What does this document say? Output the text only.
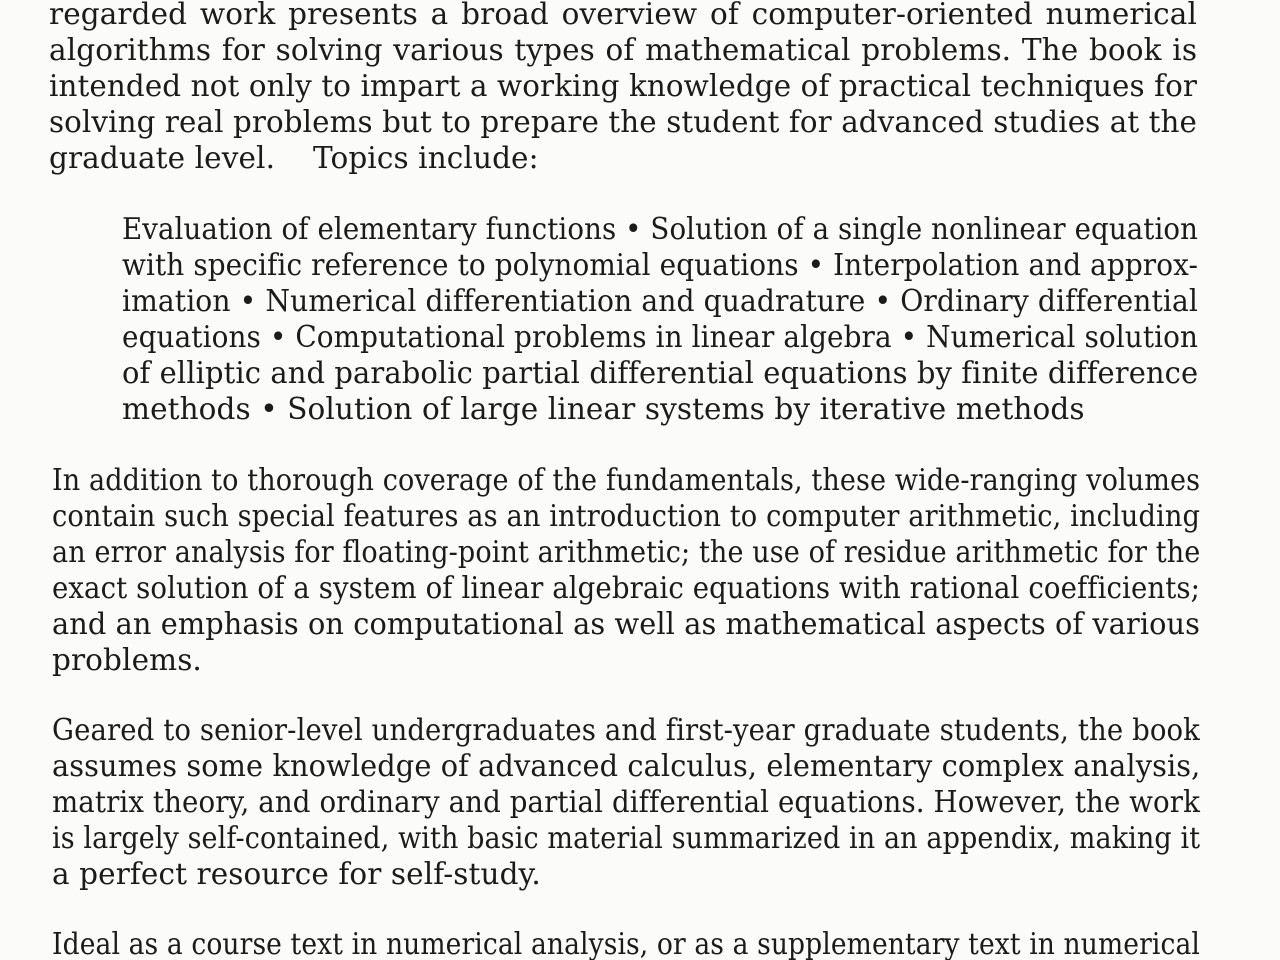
regarded work presents a broad overview of computer-oriented numerical
algorithms for solving various types of mathematical problems. The book is
intended not only to impart a working knowledge of practical techniques for
solving real problems but to prepare the student for advanced studies at the
graduate level.    Topics include:
Evaluation of elementary functions • Solution of a single nonlinear equation
with specific reference to polynomial equations • Interpolation and approx-
imation • Numerical differentiation and quadrature • Ordinary differential
equations • Computational problems in linear algebra • Numerical solution
of elliptic and parabolic partial differential equations by finite difference
methods • Solution of large linear systems by iterative methods
In addition to thorough coverage of the fundamentals, these wide-ranging volumes
contain such special features as an introduction to computer arithmetic, including
an error analysis for floating-point arithmetic; the use of residue arithmetic for the
exact solution of a system of linear algebraic equations with rational coefficients;
and an emphasis on computational as well as mathematical aspects of various
problems.
Geared to senior-level undergraduates and first-year graduate students, the book
assumes some knowledge of advanced calculus, elementary complex analysis,
matrix theory, and ordinary and partial differential equations. However, the work
is largely self-contained, with basic material summarized in an appendix, making it
a perfect resource for self-study.
Ideal as a course text in numerical analysis, or as a supplementary text in numerical
